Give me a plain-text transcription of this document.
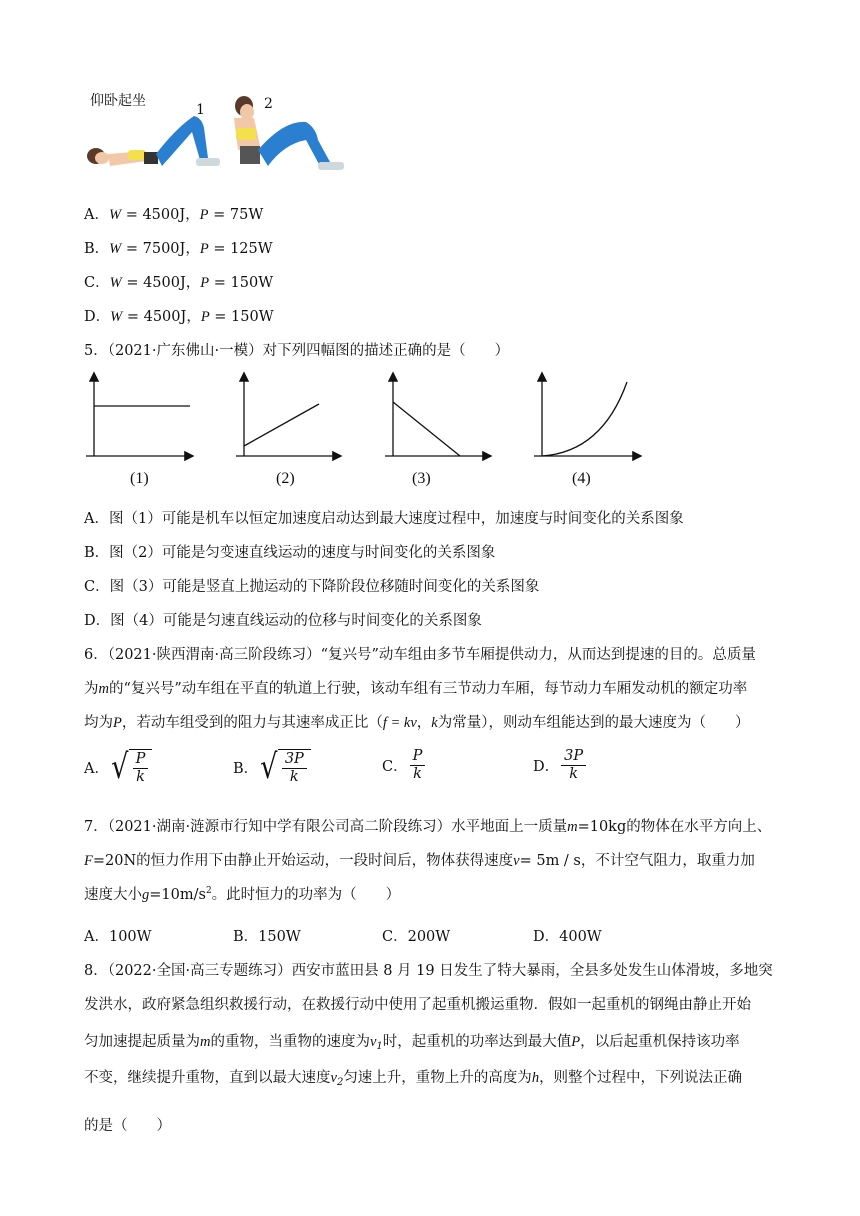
仰卧起坐
1	2
A．W = 4500J，P = 75W
B．W = 7500J，P = 125W
C．W = 4500J，P = 150W
D．W = 4500J，P = 150W
5．（2021·广东佛山·一模）对下列四幅图的描述正确的是（　　）
(1)	(2)	(3)	(4)
A．图（1）可能是机车以恒定加速度启动达到最大速度过程中，加速度与时间变化的关系图象
B．图（2）可能是匀变速直线运动的速度与时间变化的关系图象
C．图（3）可能是竖直上抛运动的下降阶段位移随时间变化的关系图象
D．图（4）可能是匀速直线运动的位移与时间变化的关系图象
6．（2021·陕西渭南·高三阶段练习）“复兴号”动车组由多节车厢提供动力，从而达到提速的目的。总质量
为m的“复兴号”动车组在平直的轨道上行驶，该动车组有三节动力车厢，每节动力车厢发动机的额定功率
均为P，若动车组受到的阻力与其速率成正比（f = kv，k为常量），则动车组能达到的最大速度为（　　）
A． √ $\frac{P}{k}$	B． √ $\frac{3P}{k}$	C． $\frac{P}{k}$	D． $\frac{3P}{k}$
7．（2021·湖南·涟源市行知中学有限公司高二阶段练习）水平地面上一质量m=10kg的物体在水平方向上、
F=20N的恒力作用下由静止开始运动，一段时间后，物体获得速度v= 5m / s，不计空气阻力，取重力加
速度大小$g=10m/s^2$。此时恒力的功率为（　　）
A．100W	B．150W	C．200W	D．400W
8．（2022·全国·高三专题练习）西安市蓝田县 8 月 19 日发生了特大暴雨，全县多处发生山体滑坡，多地突
发洪水，政府紧急组织救援行动，在救援行动中使用了起重机搬运重物．假如一起重机的钢绳由静止开始
匀加速提起质量为m的重物，当重物的速度为$v_1$时，起重机的功率达到最大值P，以后起重机保持该功率
不变，继续提升重物，直到以最大速度$v_2$匀速上升，重物上升的高度为h，则整个过程中，下列说法正确
的是（　　）
